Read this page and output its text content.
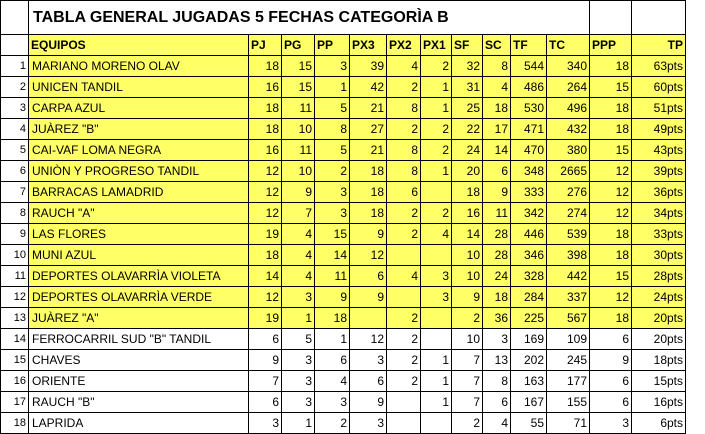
	TABLA GENERAL JUGADAS 5 FECHAS CATEGORÌA B												
	EQUIPOS	PJ	PG	PP	PX3	PX2	PX1	SF	SC	TF	TC	PPP	TP
1	MARIANO MORENO OLAV	18	15	3	39	4	2	32	8	544	340	18	63pts
2	UNICEN TANDIL	16	15	1	42	2	1	31	4	486	264	15	60pts
3	CARPA AZUL	18	11	5	21	8	1	25	18	530	496	18	51pts
4	JUÀREZ "B"	18	10	8	27	2	2	22	17	471	432	18	49pts
5	CAI-VAF LOMA NEGRA	16	11	5	21	8	2	24	14	470	380	15	43pts
6	UNIÒN Y PROGRESO TANDIL	12	10	2	18	8	1	20	6	348	2665	12	39pts
7	BARRACAS LAMADRID	12	9	3	18	6		18	9	333	276	12	36pts
8	RAUCH "A"	12	7	3	18	2	2	16	11	342	274	12	34pts
9	LAS FLORES	19	4	15	9	2	4	14	28	446	539	18	33pts
10	MUNI AZUL	18	4	14	12			10	28	346	398	18	30pts
11	DEPORTES OLAVARRÌA VIOLETA	14	4	11	6	4	3	10	24	328	442	15	28pts
12	DEPORTES OLAVARRÌA VERDE	12	3	9	9		3	9	18	284	337	12	24pts
13	JUÀREZ "A"	19	1	18		2		2	36	225	567	18	20pts
14	FERROCARRIL SUD "B" TANDIL	6	5	1	12	2		10	3	169	109	6	20pts
15	CHAVES	9	3	6	3	2	1	7	13	202	245	9	18pts
16	ORIENTE	7	3	4	6	2	1	7	8	163	177	6	15pts
17	RAUCH "B"	6	3	3	9		1	7	6	167	155	6	16pts
18	LAPRIDA	3	1	2	3			2	4	55	71	3	6pts
